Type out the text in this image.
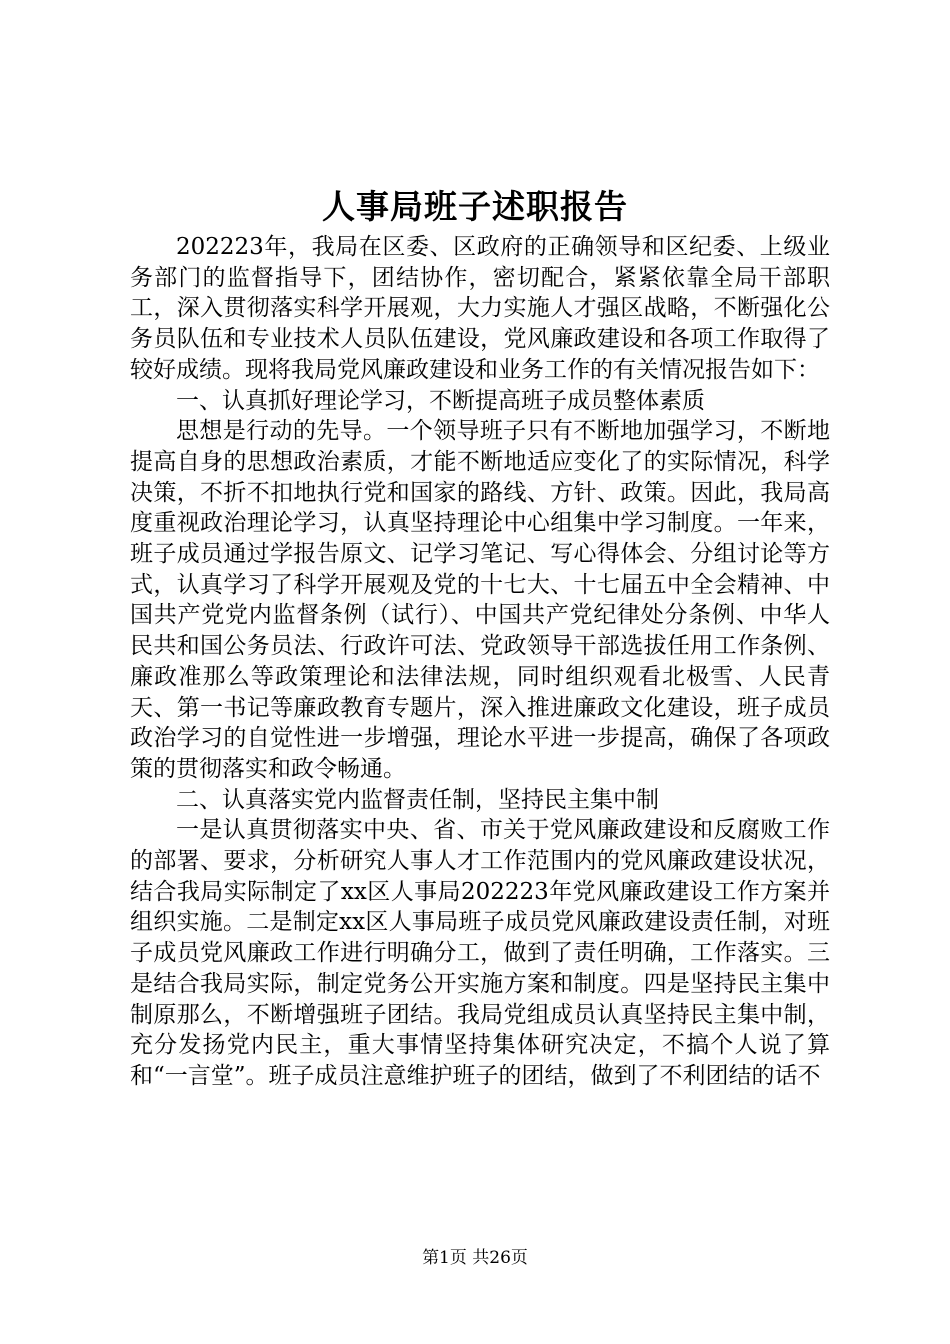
人事局班子述职报告

202223年，我局在区委、区政府的正确领导和区纪委、上级业务部门的监督指导下，团结协作，密切配合，紧紧依靠全局干部职工，深入贯彻落实科学开展观，大力实施人才强区战略，不断强化公务员队伍和专业技术人员队伍建设，党风廉政建设和各项工作取得了较好成绩。现将我局党风廉政建设和业务工作的有关情况报告如下：

一、认真抓好理论学习，不断提高班子成员整体素质

思想是行动的先导。一个领导班子只有不断地加强学习，不断地提高自身的思想政治素质，才能不断地适应变化了的实际情况，科学决策，不折不扣地执行党和国家的路线、方针、政策。因此，我局高度重视政治理论学习，认真坚持理论中心组集中学习制度。一年来，班子成员通过学报告原文、记学习笔记、写心得体会、分组讨论等方式，认真学习了科学开展观及党的十七大、十七届五中全会精神、中国共产党党内监督条例（试行）、中国共产党纪律处分条例、中华人民共和国公务员法、行政许可法、党政领导干部选拔任用工作条例、廉政准那么等政策理论和法律法规，同时组织观看北极雪、人民青天、第一书记等廉政教育专题片，深入推进廉政文化建设，班子成员政治学习的自觉性进一步增强，理论水平进一步提高，确保了各项政策的贯彻落实和政令畅通。

二、认真落实党内监督责任制，坚持民主集中制

一是认真贯彻落实中央、省、市关于党风廉政建设和反腐败工作的部署、要求，分析研究人事人才工作范围内的党风廉政建设状况，结合我局实际制定了xx区人事局202223年党风廉政建设工作方案并组织实施。二是制定xx区人事局班子成员党风廉政建设责任制，对班子成员党风廉政工作进行明确分工，做到了责任明确，工作落实。三是结合我局实际，制定党务公开实施方案和制度。四是坚持民主集中制原那么，不断增强班子团结。我局党组成员认真坚持民主集中制，充分发扬党内民主，重大事情坚持集体研究决定，不搞个人说了算和“一言堂”。班子成员注意维护班子的团结，做到了不利团结的话不

第1页 共26页
